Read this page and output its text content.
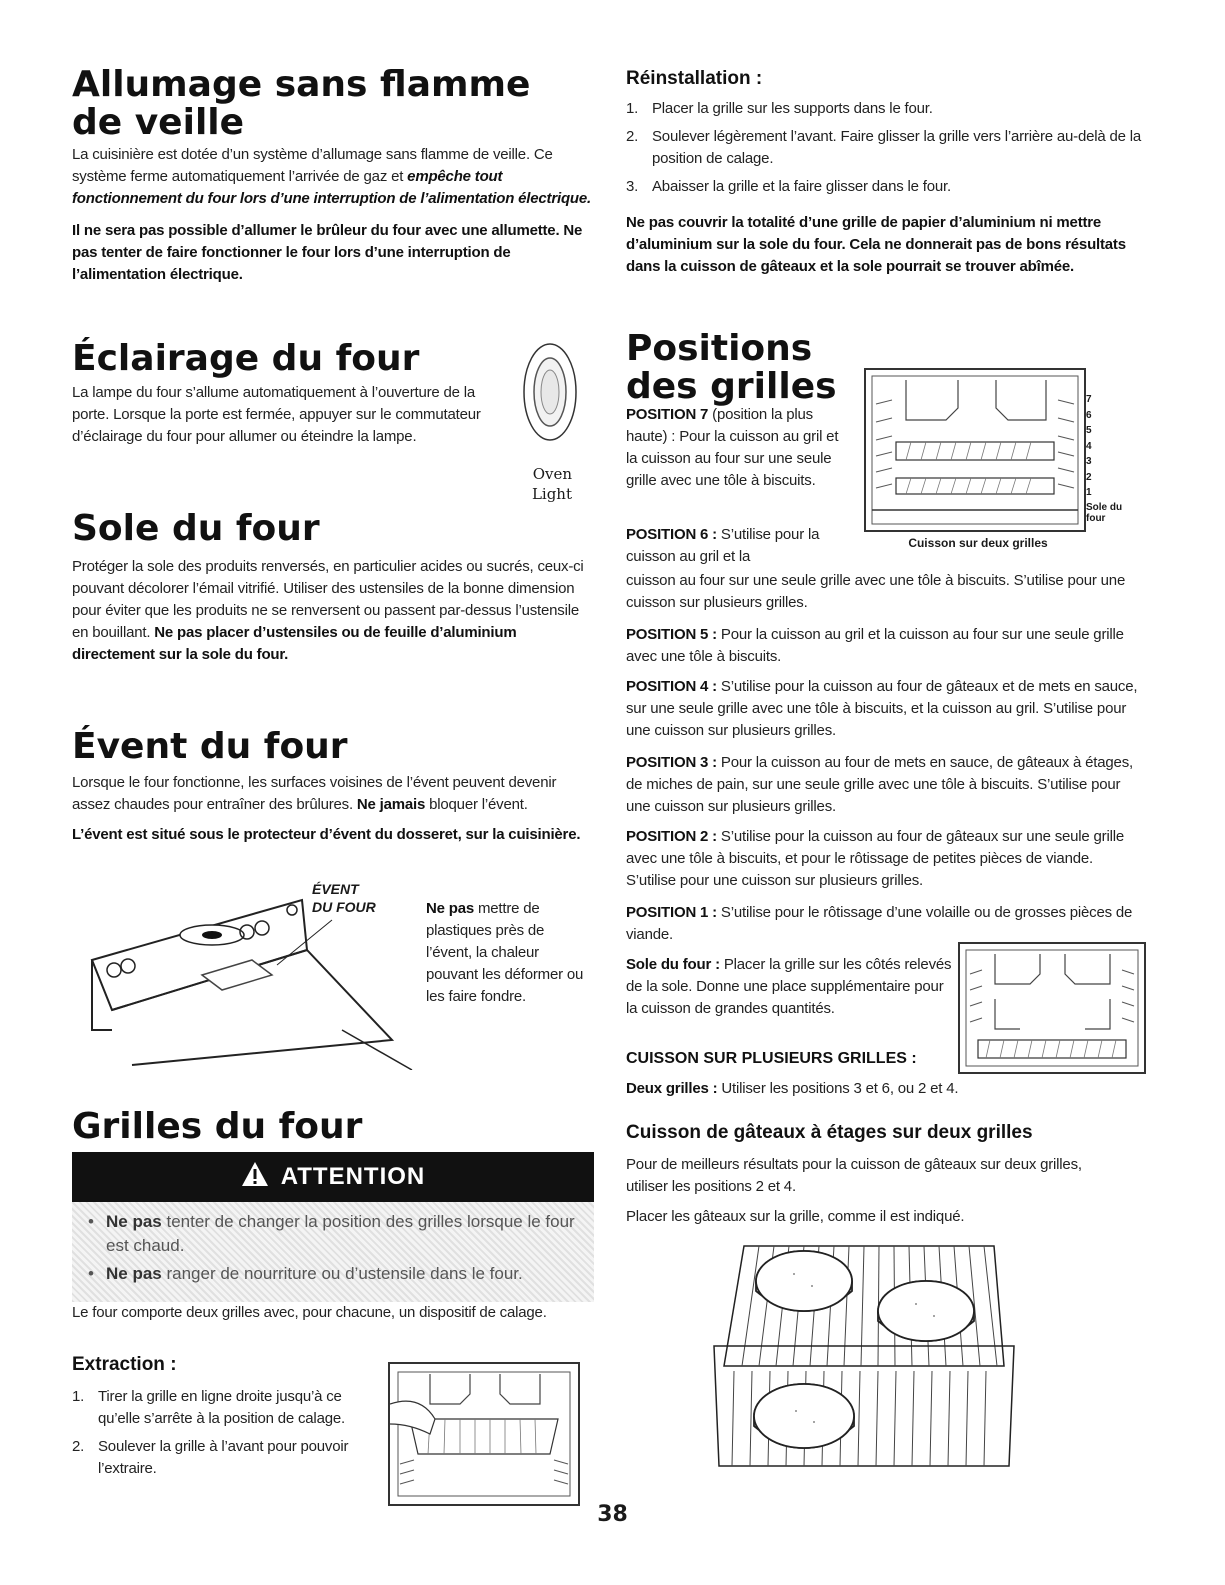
Allumage sans flamme
de veille

La cuisinière est dotée d’un système d’allumage sans flamme de veille. Ce système ferme automatiquement l’arrivée de gaz et empêche tout fonctionnement du four lors d’une interruption de l’alimentation électrique.

Il ne sera pas possible d’allumer le brûleur du four avec une allumette. Ne pas tenter de faire fonctionner le four lors d’une interruption de l’alimentation électrique.

Éclairage du four

La lampe du four s’allume automatiquement à l’ouverture de la porte. Lorsque la porte est fermée, appuyer sur le commutateur d’éclairage du four pour allumer ou éteindre la lampe.

Oven
Light
Sole du four

Protéger la sole des produits renversés, en particulier acides ou sucrés, ceux-ci pouvant décolorer l’émail vitrifié. Utiliser des ustensiles de la bonne dimension pour éviter que les produits ne se renversent ou passent par-dessus l’ustensile en bouillant. Ne pas placer d’ustensiles ou de feuille d’aluminium directement sur la sole du four.

Évent du four

Lorsque le four fonctionne, les surfaces voisines de l’évent peuvent devenir assez chaudes pour entraîner des brûlures. Ne jamais bloquer l’évent.

L’évent est situé sous le protecteur d’évent du dosseret, sur la cuisinière.

ÉVENT
DU FOUR	Ne pas mettre de plastiques près de l’évent, la chaleur pouvant les déformer ou les faire fondre.

Grilles du four
ATTENTION
• Ne pas tenter de changer la position des grilles lorsque le four est chaud.
• Ne pas ranger de nourriture ou d’ustensile dans le four.

Le four comporte deux grilles avec, pour chacune, un dispositif de calage.

Extraction :
1. Tirer la grille en ligne droite jusqu’à ce qu’elle s’arrête à la position de calage.
2. Soulever la grille à l’avant pour pouvoir l’extraire.
38
Réinstallation :
1. Placer la grille sur les supports dans le four.
2. Soulever légèrement l’avant. Faire glisser la grille vers l’arrière au-delà de la position de calage.
3. Abaisser la grille et la faire glisser dans le four.

Ne pas couvrir la totalité d’une grille de papier d’aluminium ni mettre d’aluminium sur la sole du four. Cela ne donnerait pas de bons résultats dans la cuisson de gâteaux et la sole pourrait se trouver abîmée.

Positions
des grilles

POSITION 7 (position la plus haute) : Pour la cuisson au gril et la cuisson au four sur une seule grille avec une tôle à biscuits.

POSITION 6 : S’utilise pour la cuisson au gril et la

Cuisson sur deux grilles
7
6
5
4
3
2
1
Sole du
four

cuisson au four sur une seule grille avec une tôle à biscuits. S’utilise pour une cuisson sur plusieurs grilles.

POSITION 5 : Pour la cuisson au gril et la cuisson au four sur une seule grille avec une tôle à biscuits.

POSITION 4 : S’utilise pour la cuisson au four de gâteaux et de mets en sauce, sur une seule grille avec une tôle à biscuits, et la cuisson au gril. S’utilise pour une cuisson sur plusieurs grilles.

POSITION 3 : Pour la cuisson au four de mets en sauce, de gâteaux à étages, de miches de pain, sur une seule grille avec une tôle à biscuits. S’utilise pour une cuisson sur plusieurs grilles.

POSITION 2 : S’utilise pour la cuisson au four de gâteaux sur une seule grille avec une tôle à biscuits, et pour le rôtissage de petites pièces de viande. S’utilise pour une cuisson sur plusieurs grilles.

POSITION 1 : S’utilise pour le rôtissage d’une volaille ou de grosses pièces de viande.

Sole du four : Placer la grille sur les côtés relevés de la sole. Donne une place supplémentaire pour la cuisson de grandes quantités.

CUISSON SUR PLUSIEURS GRILLES :

Deux grilles : Utiliser les positions 3 et 6, ou 2 et 4.

Cuisson de gâteaux à étages sur deux grilles

Pour de meilleurs résultats pour la cuisson de gâteaux sur deux grilles, utiliser les positions 2 et 4.

Placer les gâteaux sur la grille, comme il est indiqué.
